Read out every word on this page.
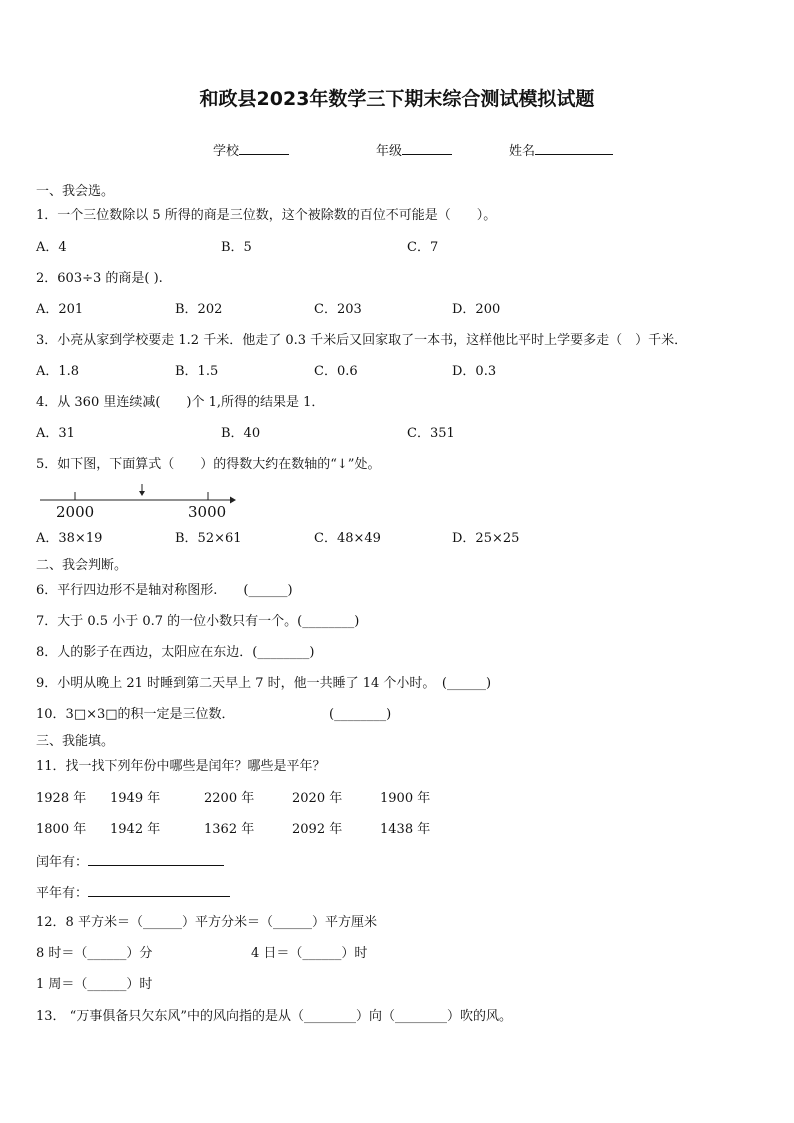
和政县2023年数学三下期末综合测试模拟试题
学校	年级	姓名
一、我会选。
1．一个三位数除以 5 所得的商是三位数，这个被除数的百位不可能是（　　）。
A．4	B．5	C．7
2．603÷3 的商是( ).
A．201	B．202	C．203	D．200
3．小亮从家到学校要走 1.2 千米．他走了 0.3 千米后又回家取了一本书，这样他比平时上学要多走（　）千米．
A．1.8	B．1.5	C．0.6	D．0.3
4．从 360 里连续减(　　)个 1,所得的结果是 1．
A．31	B．40	C．351
5．如下图，下面算式（　　）的得数大约在数轴的“↓”处。
2000	3000
A．38×19	B．52×61	C．48×49	D．25×25
二、我会判断。
6．平行四边形不是轴对称图形.　　(______)
7．大于 0.5 小于 0.7 的一位小数只有一个。(________)
8．人的影子在西边，太阳应在东边．(________)
9．小明从晚上 21 时睡到第二天早上 7 时，他一共睡了 14 个小时。　(______)
10．3□×3□的积一定是三位数．	(________)
三、我能填。
11．找一找下列年份中哪些是闰年？哪些是平年？
1928 年 1949 年	2200 年	2020 年	1900 年
1800 年 1942 年	1362 年	2092 年	1438 年
闰年有：
平年有：
12．8 平方米＝（______）平方分米＝（______）平方厘米
8 时＝（______）分	4 日＝（______）时
1 周＝（______）时
13． “万事俱备只欠东风”中的风向指的是从（________）向（________）吹的风。
